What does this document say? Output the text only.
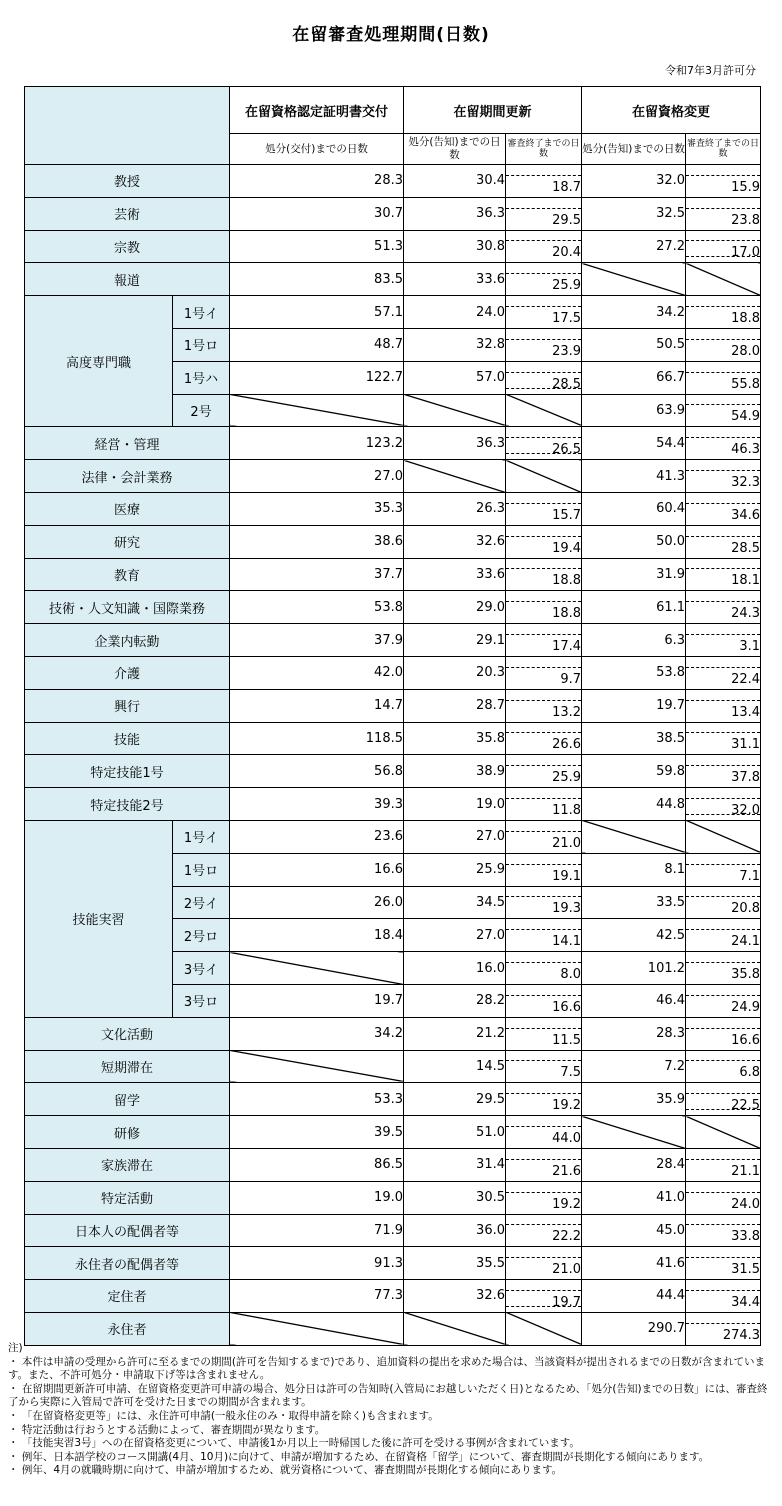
在留審査処理期間(日数)
令和7年3月許可分
		在留資格認定証明書交付	在留期間更新		在留資格変更	
		処分(交付)までの日数	処分(告知)までの日数	審査終了までの日数	処分(告知)までの日数	審査終了までの日数
教授		28.3	30.4	18.7	32.0	15.9

芸術		30.7	36.3	29.5	32.5	23.8

宗教		51.3	30.8	20.4	27.2	17.0

報道		83.5	33.6	25.9		

高度専門職	1号イ	57.1	24.0	17.5	34.2	18.8

	1号ロ	48.7	32.8	23.9	50.5	28.0

	1号ハ	122.7	57.0	28.5	66.7	55.8

	2号				63.9	54.9

経営・管理		123.2	36.3	26.5	54.4	46.3

法律・会計業務		27.0			41.3	32.3

医療		35.3	26.3	15.7	60.4	34.6

研究		38.6	32.6	19.4	50.0	28.5

教育		37.7	33.6	18.8	31.9	18.1

技術・人文知識・国際業務		53.8	29.0	18.8	61.1	24.3

企業内転勤		37.9	29.1	17.4	6.3	3.1

介護		42.0	20.3	9.7	53.8	22.4

興行		14.7	28.7	13.2	19.7	13.4

技能		118.5	35.8	26.6	38.5	31.1

特定技能1号		56.8	38.9	25.9	59.8	37.8

特定技能2号		39.3	19.0	11.8	44.8	32.0

技能実習	1号イ	23.6	27.0	21.0		

	1号ロ	16.6	25.9	19.1	8.1	7.1

	2号イ	26.0	34.5	19.3	33.5	20.8

	2号ロ	18.4	27.0	14.1	42.5	24.1

	3号イ		16.0	8.0	101.2	35.8

	3号ロ	19.7	28.2	16.6	46.4	24.9

文化活動		34.2	21.2	11.5	28.3	16.6

短期滞在			14.5	7.5	7.2	6.8

留学		53.3	29.5	19.2	35.9	22.5

研修		39.5	51.0	44.0		

家族滞在		86.5	31.4	21.6	28.4	21.1

特定活動		19.0	30.5	19.2	41.0	24.0

日本人の配偶者等		71.9	36.0	22.2	45.0	33.8

永住者の配偶者等		91.3	35.5	21.0	41.6	31.5

定住者		77.3	32.6	19.7	44.4	34.4

永住者					290.7	274.3
注)
・ 本件は申請の受理から許可に至るまでの期間(許可を告知するまで)であり、追加資料の提出を求めた場合は、当該資料が提出されるまでの日数が含まれています。また、不許可処分・申請取下げ等は含まれません。
・ 在留期間更新許可申請、在留資格変更許可申請の場合、処分日は許可の告知時(入管局にお越しいただく日)となるため、「処分(告知)までの日数」には、審査終了から実際に入管局で許可を受けた日までの期間が含まれます。
・ 「在留資格変更等」には、永住許可申請(一般永住のみ・取得申請を除く)も含まれます。
・ 特定活動は行おうとする活動によって、審査期間が異なります。
・ 「技能実習3号」への在留資格変更について、申請後1か月以上一時帰国した後に許可を受ける事例が含まれています。
・ 例年、日本語学校のコース開講(4月、10月)に向けて、申請が増加するため、在留資格「留学」について、審査期間が長期化する傾向にあります。
・ 例年、4月の就職時期に向けて、申請が増加するため、就労資格について、審査期間が長期化する傾向にあります。
